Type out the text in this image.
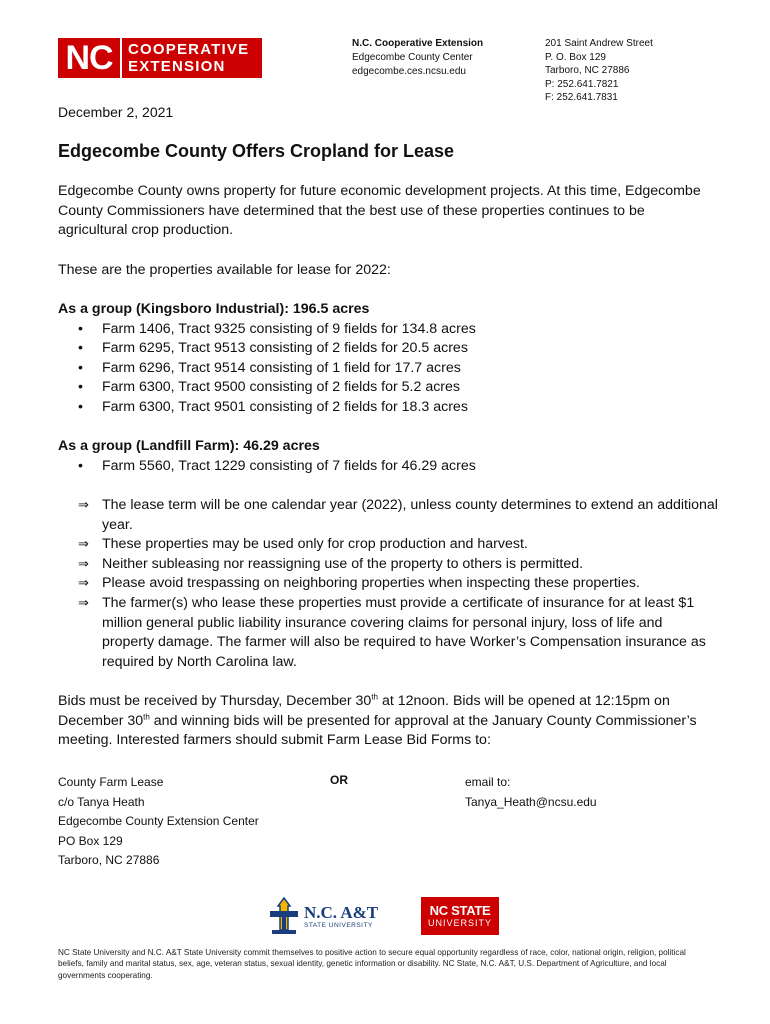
NC	COOPERATIVE
EXTENSION
N.C. Cooperative Extension
Edgecombe County Center
edgecombe.ces.ncsu.edu
201 Saint Andrew Street
P. O. Box 129
Tarboro, NC 27886
P: 252.641.7821
F: 252.641.7831
December 2, 2021
Edgecombe County Offers Cropland for Lease
Edgecombe County owns property for future economic development projects. At this time, Edgecombe County Commissioners have determined that the best use of these properties continues to be agricultural crop production.
These are the properties available for lease for 2022:
As a group (Kingsboro Industrial): 196.5 acres
• Farm 1406, Tract 9325 consisting of 9 fields for 134.8 acres
• Farm 6295, Tract 9513 consisting of 2 fields for 20.5 acres
• Farm 6296, Tract 9514 consisting of 1 field for 17.7 acres
• Farm 6300, Tract 9500 consisting of 2 fields for 5.2 acres
• Farm 6300, Tract 9501 consisting of 2 fields for 18.3 acres
As a group (Landfill Farm): 46.29 acres
• Farm 5560, Tract 1229 consisting of 7 fields for 46.29 acres
⇒ The lease term will be one calendar year (2022), unless county determines to extend an additional year.
⇒ These properties may be used only for crop production and harvest.
⇒ Neither subleasing nor reassigning use of the property to others is permitted.
⇒ Please avoid trespassing on neighboring properties when inspecting these properties.
⇒ The farmer(s) who lease these properties must provide a certificate of insurance for at least $1 million general public liability insurance covering claims for personal injury, loss of life and property damage. The farmer will also be required to have Worker’s Compensation insurance as required by North Carolina law.
Bids must be received by Thursday, December 30th at 12noon. Bids will be opened at 12:15pm on December 30th and winning bids will be presented for approval at the January County Commissioner’s meeting. Interested farmers should submit Farm Lease Bid Forms to:
County Farm Lease
c/o Tanya Heath
Edgecombe County Extension Center
PO Box 129
Tarboro, NC 27886
OR	email to:
Tanya_Heath@ncsu.edu
N.C. A&T
STATE UNIVERSITY
NC STATE
UNIVERSITY
NC State University and N.C. A&T State University commit themselves to positive action to secure equal opportunity regardless of race, color, national origin, religion, political beliefs, family and marital status, sex, age, veteran status, sexual identity, genetic information or disability. NC State, N.C. A&T, U.S. Department of Agriculture, and local governments cooperating.
